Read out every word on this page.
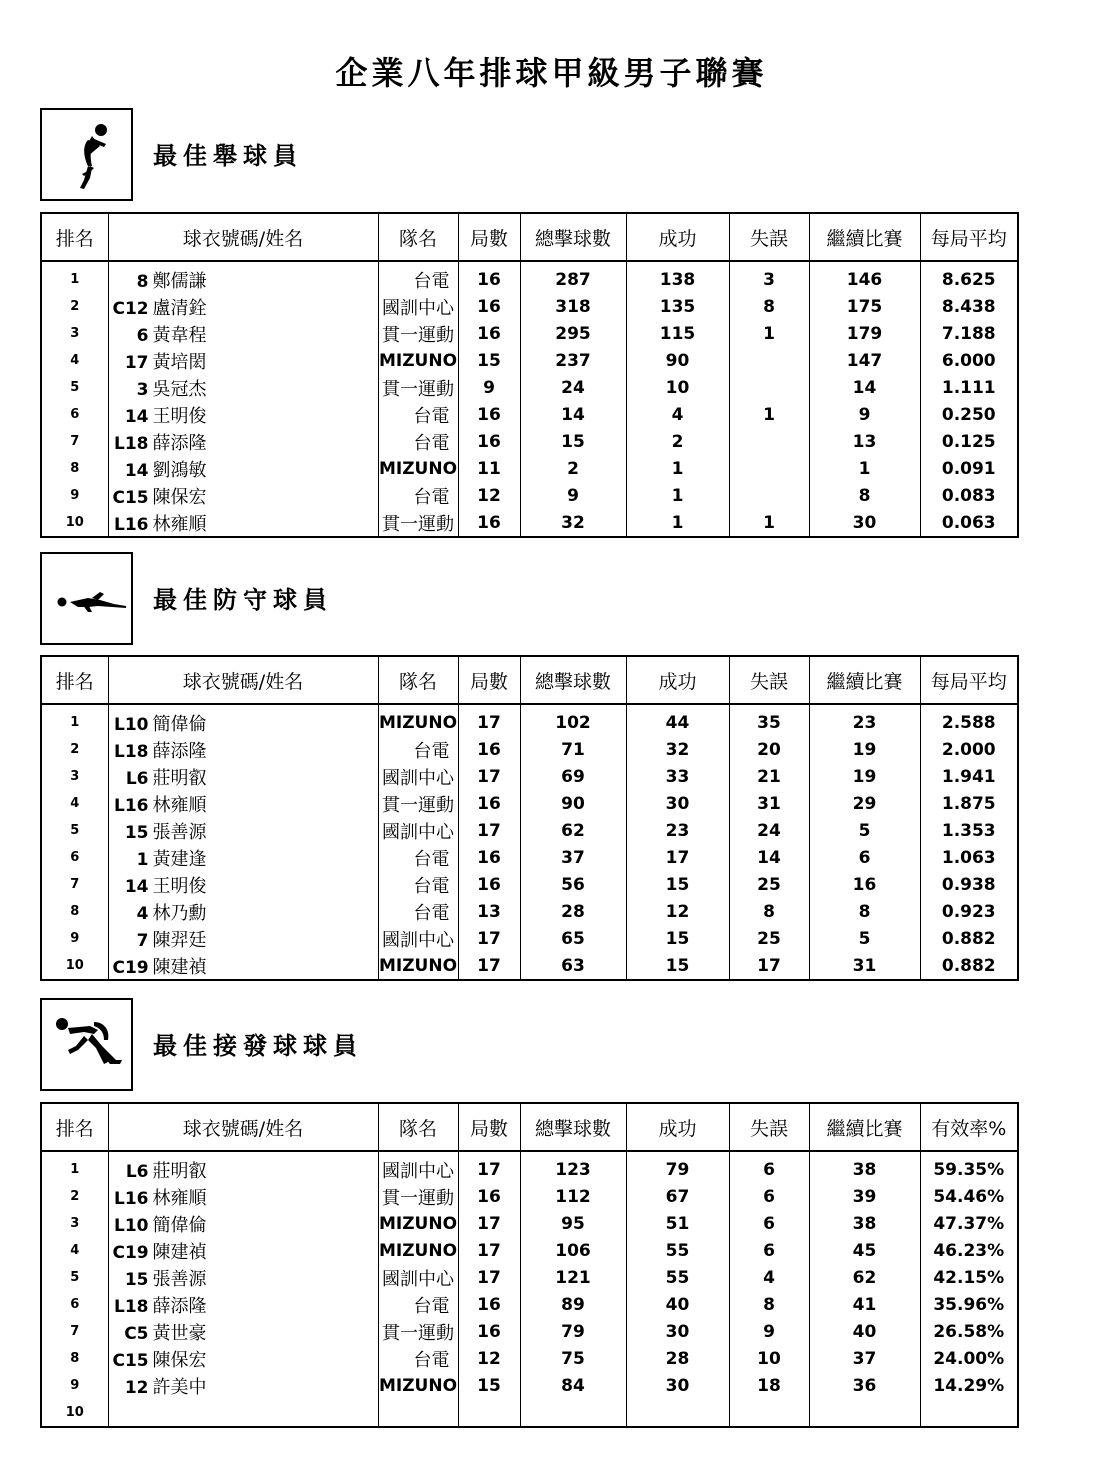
企業八年排球甲級男子聯賽
最佳舉球員
排名	球衣號碼/姓名	隊名	局數	總擊球數	成功	失誤	繼續比賽	每局平均
1	8 鄭儒謙	台電	16	287	138	3	146	8.625
2	C12 盧清銓	國訓中心	16	318	135	8	175	8.438
3	6 黃韋程	貫一運動	16	295	115	1	179	7.188
4	17 黃培閎	MIZUNO	15	237	90		147	6.000
5	3 吳冠杰	貫一運動	9	24	10		14	1.111
6	14 王明俊	台電	16	14	4	1	9	0.250
7	L18 薛添隆	台電	16	15	2		13	0.125
8	14 劉鴻敏	MIZUNO	11	2	1		1	0.091
9	C15 陳保宏	台電	12	9	1		8	0.083
10	L16 林雍順	貫一運動	16	32	1	1	30	0.063
最佳防守球員
排名	球衣號碼/姓名	隊名	局數	總擊球數	成功	失誤	繼續比賽	每局平均
1	L10 簡偉倫	MIZUNO	17	102	44	35	23	2.588
2	L18 薛添隆	台電	16	71	32	20	19	2.000
3	L6 莊明叡	國訓中心	17	69	33	21	19	1.941
4	L16 林雍順	貫一運動	16	90	30	31	29	1.875
5	15 張善源	國訓中心	17	62	23	24	5	1.353
6	1 黃建逢	台電	16	37	17	14	6	1.063
7	14 王明俊	台電	16	56	15	25	16	0.938
8	4 林乃勳	台電	13	28	12	8	8	0.923
9	7 陳羿廷	國訓中心	17	65	15	25	5	0.882
10	C19 陳建禎	MIZUNO	17	63	15	17	31	0.882
最佳接發球球員
排名	球衣號碼/姓名	隊名	局數	總擊球數	成功	失誤	繼續比賽	有效率%
1	L6 莊明叡	國訓中心	17	123	79	6	38	59.35%
2	L16 林雍順	貫一運動	16	112	67	6	39	54.46%
3	L10 簡偉倫	MIZUNO	17	95	51	6	38	47.37%
4	C19 陳建禎	MIZUNO	17	106	55	6	45	46.23%
5	15 張善源	國訓中心	17	121	55	4	62	42.15%
6	L18 薛添隆	台電	16	89	40	8	41	35.96%
7	C5 黃世豪	貫一運動	16	79	30	9	40	26.58%
8	C15 陳保宏	台電	12	75	28	10	37	24.00%
9	12 許美中	MIZUNO	15	84	30	18	36	14.29%
10								
